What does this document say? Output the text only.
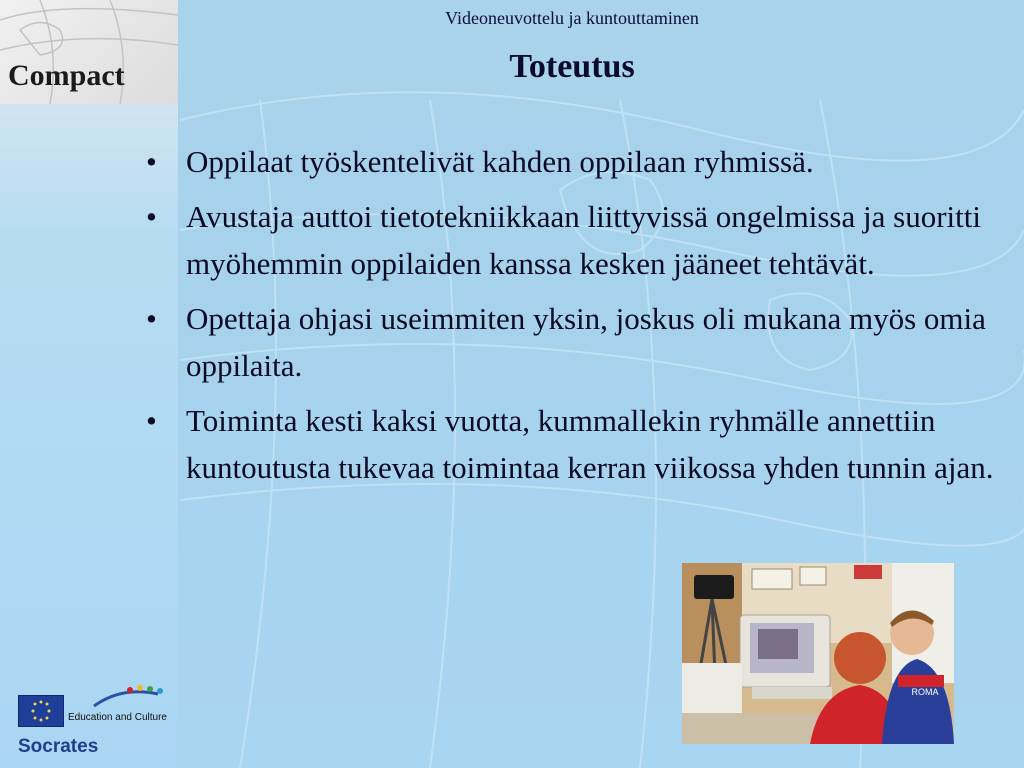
Compact
Videoneuvottelu ja kuntouttaminen
Toteutus
• Oppilaat työskentelivät kahden oppilaan ryhmissä.
• Avustaja auttoi tietotekniikkaan liittyvissä ongelmissa ja suoritti myöhemmin oppilaiden kanssa kesken jääneet tehtävät.
• Opettaja ohjasi useimmiten yksin, joskus oli mukana myös omia oppilaita.
• Toiminta kesti kaksi vuotta, kummallekin ryhmälle annettiin kuntoutusta tukevaa toimintaa kerran viikossa yhden tunnin ajan.
ROMA
Education and Culture
Socrates
